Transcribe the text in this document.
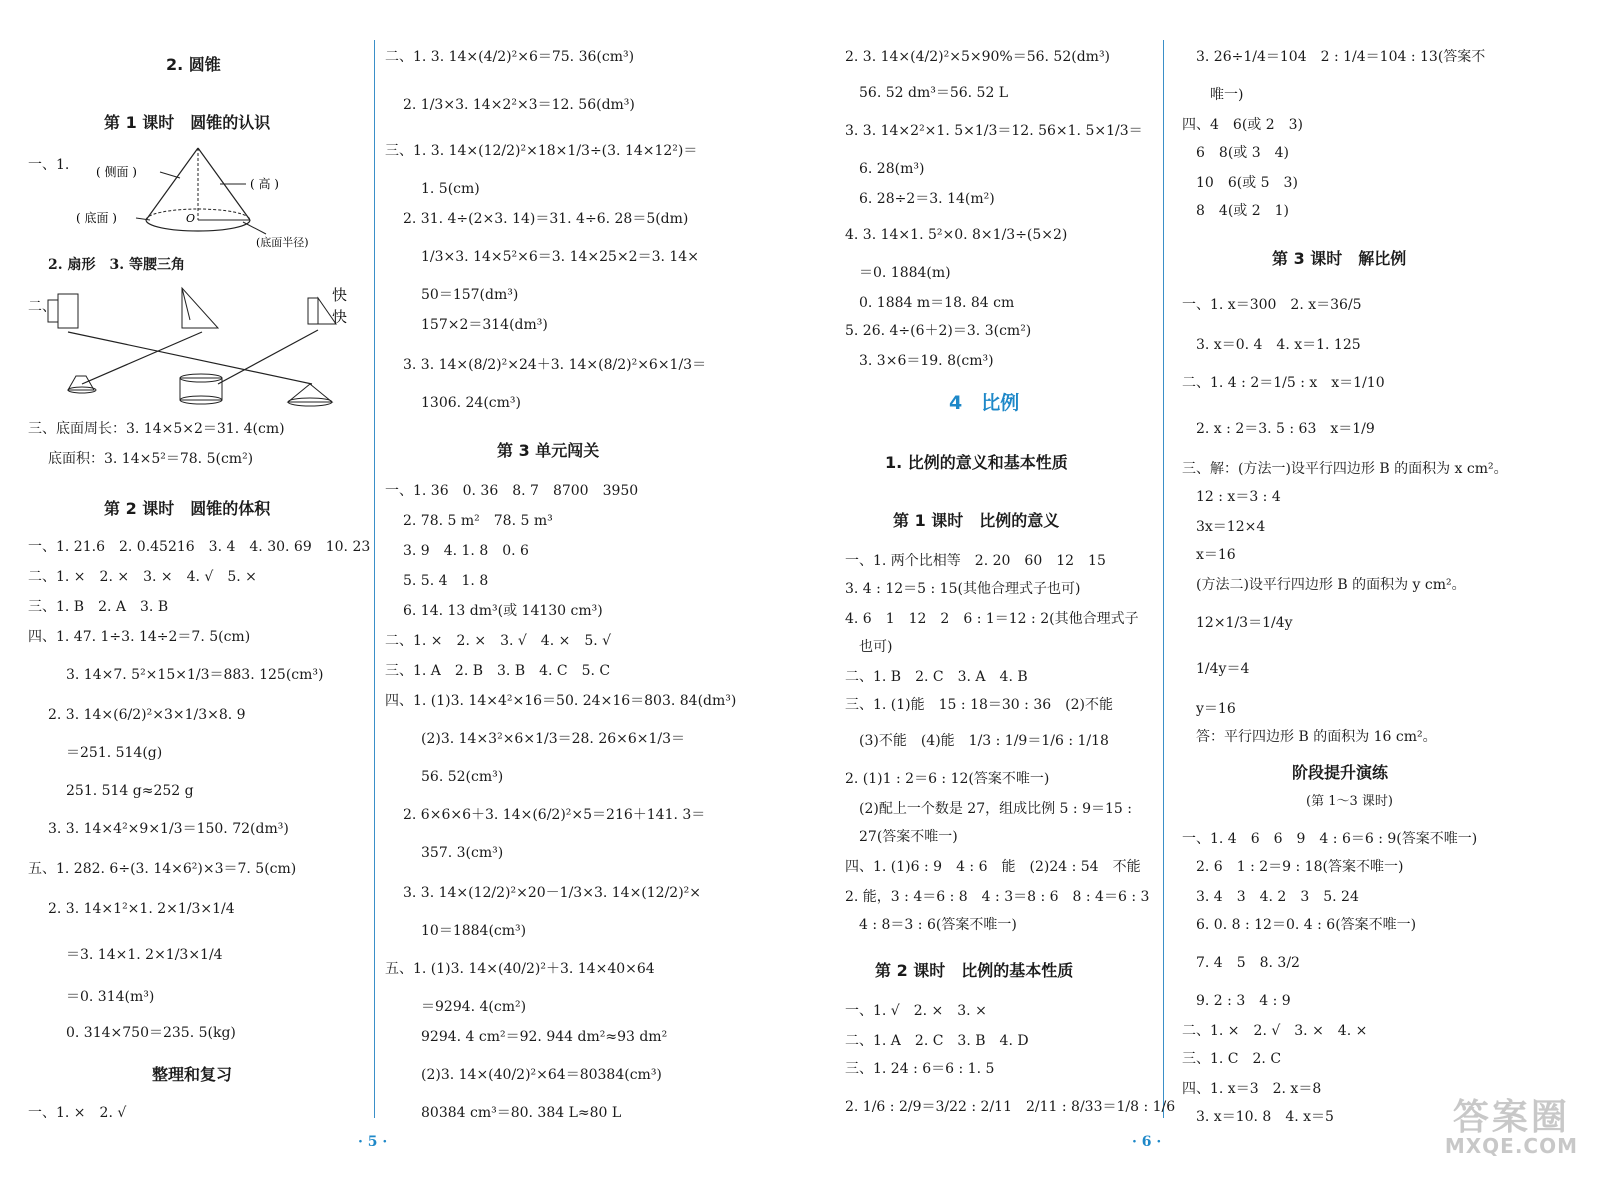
2. 圆锥
第 1 课时　圆锥的认识
一、1. ( 侧面 )
( 高 )
( 底面 )	O
(底面半径)
2. 扇形　3. 等腰三角
二、
快
快
三、底面周长：3. 14×5×2＝31. 4(cm)
底面积：3. 14×5²＝78. 5(cm²)
第 2 课时　圆锥的体积
一、1. 21.6　2. 0.45216　3. 4　4. 30. 69　10. 23
二、1. ×　2. ×　3. ×　4. √　5. ×
三、1. B　2. A　3. B
四、1. 47. 1÷3. 14÷2＝7. 5(cm)
3. 14×7. 5²×15×1/3＝883. 125(cm³)
2. 3. 14×(6/2)²×3×1/3×8. 9
＝251. 514(g)
251. 514 g≈252 g
3. 3. 14×4²×9×1/3＝150. 72(dm³)
五、1. 282. 6÷(3. 14×6²)×3＝7. 5(cm)
2. 3. 14×1²×1. 2×1/3×1/4
＝3. 14×1. 2×1/3×1/4
＝0. 314(m³)
0. 314×750＝235. 5(kg)
整理和复习
一、1. ×　2. √
二、1. 3. 14×(4/2)²×6＝75. 36(cm³)
2. 1/3×3. 14×2²×3＝12. 56(dm³)
三、1. 3. 14×(12/2)²×18×1/3÷(3. 14×12²)＝
1. 5(cm)
2. 31. 4÷(2×3. 14)＝31. 4÷6. 28＝5(dm)
1/3×3. 14×5²×6＝3. 14×25×2＝3. 14×
50＝157(dm³)
157×2＝314(dm³)
3. 3. 14×(8/2)²×24＋3. 14×(8/2)²×6×1/3＝
1306. 24(cm³)
第 3 单元闯关
一、1. 36　0. 36　8. 7　8700　3950
2. 78. 5 m²　78. 5 m³
3. 9　4. 1. 8　0. 6
5. 5. 4　1. 8
6. 14. 13 dm³(或 14130 cm³)
二、1. ×　2. ×　3. √　4. ×　5. √
三、1. A　2. B　3. B　4. C　5. C
四、1. (1)3. 14×4²×16＝50. 24×16＝803. 84(dm³)
(2)3. 14×3²×6×1/3＝28. 26×6×1/3＝
56. 52(cm³)
2. 6×6×6＋3. 14×(6/2)²×5＝216＋141. 3＝
357. 3(cm³)
3. 3. 14×(12/2)²×20－1/3×3. 14×(12/2)²×
10＝1884(cm³)
五、1. (1)3. 14×(40/2)²＋3. 14×40×64
＝9294. 4(cm²)
9294. 4 cm²＝92. 944 dm²≈93 dm²
(2)3. 14×(40/2)²×64＝80384(cm³)
80384 cm³＝80. 384 L≈80 L
· 5 ·
2. 3. 14×(4/2)²×5×90%＝56. 52(dm³)
56. 52 dm³＝56. 52 L
3. 3. 14×2²×1. 5×1/3＝12. 56×1. 5×1/3＝
6. 28(m³)
6. 28÷2＝3. 14(m²)
4. 3. 14×1. 5²×0. 8×1/3÷(5×2)
＝0. 1884(m)
0. 1884 m＝18. 84 cm
5. 26. 4÷(6＋2)＝3. 3(cm²)
3. 3×6＝19. 8(cm³)
4　比例
1. 比例的意义和基本性质
第 1 课时　比例的意义
一、1. 两个比相等　2. 20　60　12　15
3. 4 : 12＝5 : 15(其他合理式子也可)
4. 6　1　12　2　6 : 1＝12 : 2(其他合理式子
也可)
二、1. B　2. C　3. A　4. B
三、1. (1)能　15 : 18＝30 : 36　(2)不能
(3)不能　(4)能　1/3 : 1/9＝1/6 : 1/18
2. (1)1 : 2＝6 : 12(答案不唯一)
(2)配上一个数是 27，组成比例 5 : 9＝15 :
27(答案不唯一)
四、1. (1)6 : 9　4 : 6　能　(2)24 : 54　不能
2. 能，3 : 4＝6 : 8　4 : 3＝8 : 6　8 : 4＝6 : 3
4 : 8＝3 : 6(答案不唯一)
第 2 课时　比例的基本性质
一、1. √　2. ×　3. ×
二、1. A　2. C　3. B　4. D
三、1. 24 : 6＝6 : 1. 5
2. 1/6 : 2/9＝3/22 : 2/11　2/11 : 8/33＝1/8 : 1/6
3. 26÷1/4＝104　2 : 1/4＝104 : 13(答案不
唯一)
四、4　6(或 2　3)
6　8(或 3　4)
10　6(或 5　3)
8　4(或 2　1)
第 3 课时　解比例
一、1. x＝300　2. x＝36/5
3. x＝0. 4　4. x＝1. 125
二、1. 4 : 2＝1/5 : x　x＝1/10
2. x : 2＝3. 5 : 63　x＝1/9
三、解：(方法一)设平行四边形 B 的面积为 x cm²。
12 : x＝3 : 4
3x＝12×4
x＝16
(方法二)设平行四边形 B 的面积为 y cm²。
12×1/3＝1/4y
1/4y＝4
y＝16
答：平行四边形 B 的面积为 16 cm²。
阶段提升演练
(第 1～3 课时)
一、1. 4　6　6　9　4 : 6＝6 : 9(答案不唯一)
2. 6　1 : 2＝9 : 18(答案不唯一)
3. 4　3　4. 2　3　5. 24
6. 0. 8 : 12＝0. 4 : 6(答案不唯一)
7. 4　5　8. 3/2
9. 2 : 3　4 : 9
二、1. ×　2. √　3. ×　4. ×
三、1. C　2. C
四、1. x＝3　2. x＝8
3. x＝10. 8　4. x＝5
· 6 ·
答案圈
MXQE.COM
